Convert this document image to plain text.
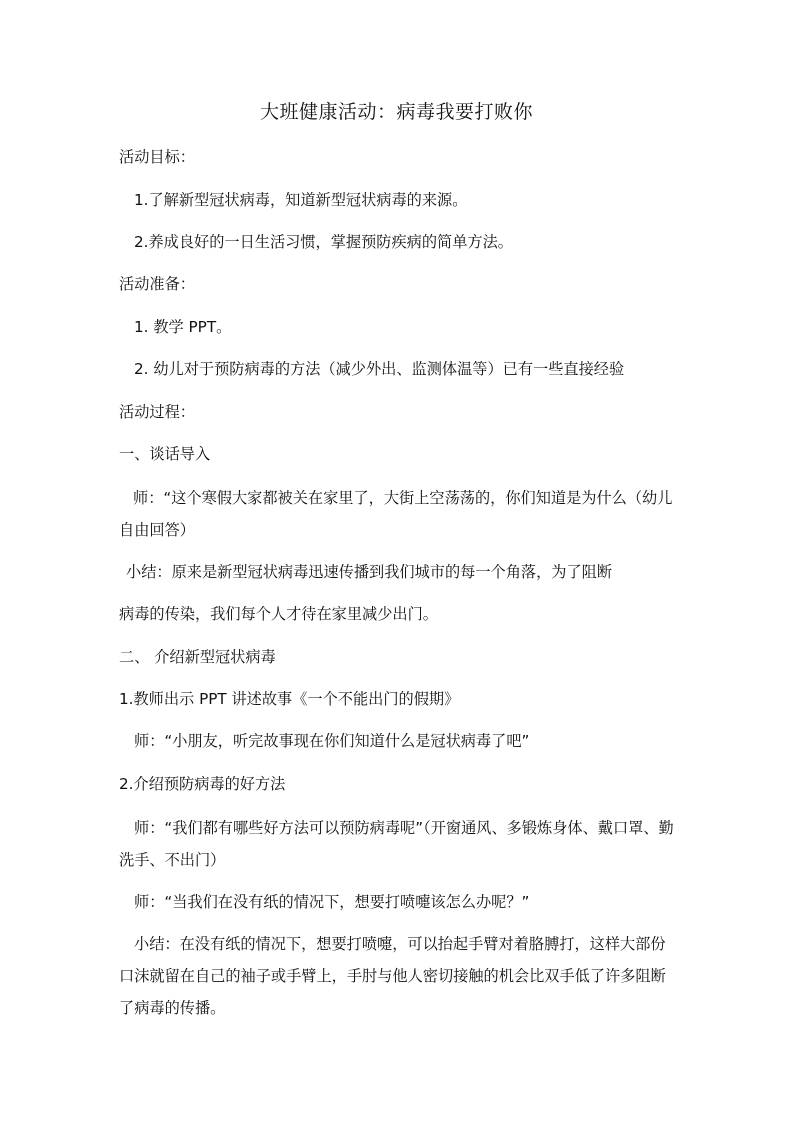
大班健康活动：病毒我要打败你
活动目标：
1.了解新型冠状病毒，知道新型冠状病毒的来源。
2.养成良好的一日生活习惯，掌握预防疾病的简单方法。
活动准备：
1. 教学 PPT。
2. 幼儿对于预防病毒的方法（减少外出、监测体温等）已有一些直接经验
活动过程：
一、谈话导入
师：“这个寒假大家都被关在家里了，大街上空荡荡的，你们知道是为什么（幼儿自由回答）
小结：原来是新型冠状病毒迅速传播到我们城市的每一个角落，为了阻断
病毒的传染，我们每个人才待在家里减少出门。
二、 介绍新型冠状病毒
1.教师出示 PPT 讲述故事《一个不能出门的假期》
师：“小朋友，听完故事现在你们知道什么是冠状病毒了吧”
2.介绍预防病毒的好方法
师：“我们都有哪些好方法可以预防病毒呢”（开窗通风、多锻炼身体、戴口罩、勤洗手、不出门）
师：“当我们在没有纸的情况下，想要打喷嚏该怎么办呢？”
小结：在没有纸的情况下，想要打喷嚏，可以抬起手臂对着胳膊打，这样大部份口沫就留在自己的袖子或手臂上，手肘与他人密切接触的机会比双手低了许多阻断了病毒的传播。
